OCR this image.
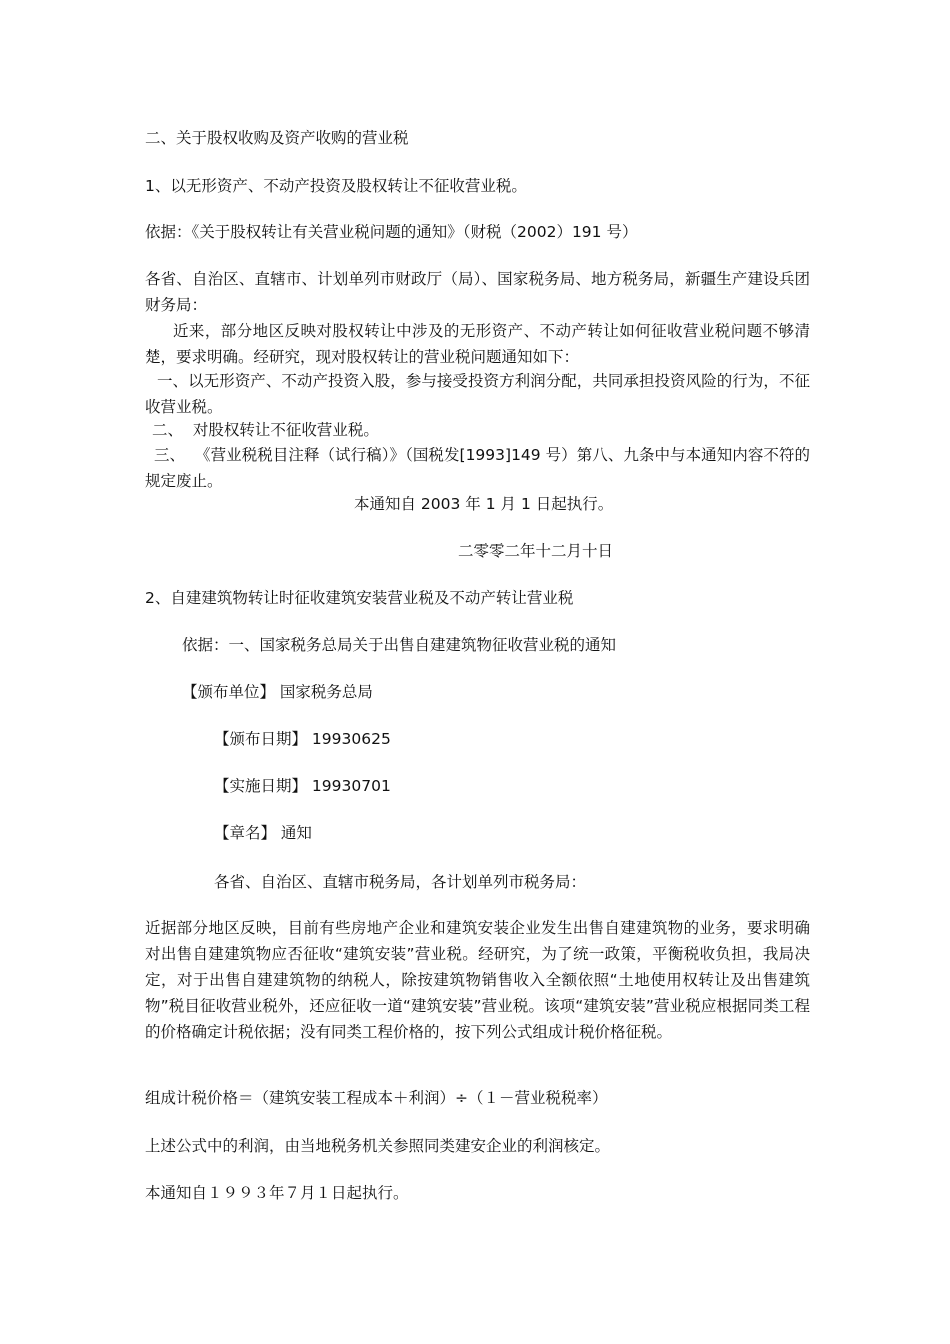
二、关于股权收购及资产收购的营业税
1、以无形资产、不动产投资及股权转让不征收营业税。
依据：《关于股权转让有关营业税问题的通知》（财税（2002）191 号）
各省、自治区、直辖市、计划单列市财政厅（局）、国家税务局、地方税务局，新疆生产建设兵团财务局：
近来，部分地区反映对股权转让中涉及的无形资产、不动产转让如何征收营业税问题不够清楚，要求明确。经研究，现对股权转让的营业税问题通知如下：
一、以无形资产、不动产投资入股，参与接受投资方利润分配，共同承担投资风险的行为，不征收营业税。
二、  对股权转让不征收营业税。
三、  《营业税税目注释（试行稿）》（国税发[1993]149 号）第八、九条中与本通知内容不符的规定废止。
本通知自 2003 年 1 月 1 日起执行。
二零零二年十二月十日
2、自建建筑物转让时征收建筑安装营业税及不动产转让营业税
依据：一、国家税务总局关于出售自建建筑物征收营业税的通知
【颁布单位】 国家税务总局
【颁布日期】 19930625
【实施日期】 19930701
【章名】 通知
各省、自治区、直辖市税务局，各计划单列市税务局：
近据部分地区反映，目前有些房地产企业和建筑安装企业发生出售自建建筑物的业务，要求明确对出售自建建筑物应否征收“建筑安装”营业税。经研究，为了统一政策，平衡税收负担，我局决定，对于出售自建建筑物的纳税人，除按建筑物销售收入全额依照“土地使用权转让及出售建筑物”税目征收营业税外，还应征收一道“建筑安装”营业税。该项“建筑安装”营业税应根据同类工程的价格确定计税依据；没有同类工程价格的，按下列公式组成计税价格征税。
组成计税价格＝（建筑安装工程成本＋利润）÷（１－营业税税率）
上述公式中的利润，由当地税务机关参照同类建安企业的利润核定。
本通知自１９９３年７月１日起执行。
